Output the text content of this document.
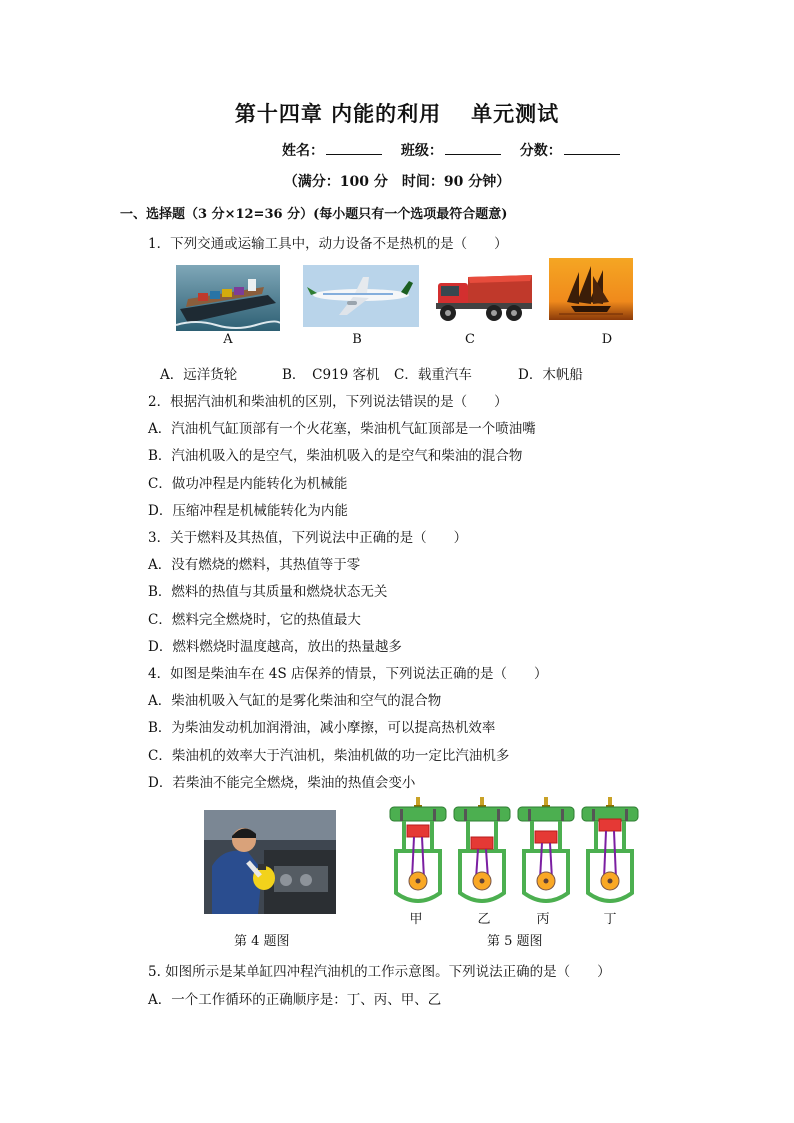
第十四章 内能的利用 单元测试
姓名：	班级：	分数：
（满分：100 分　时间：90 分钟）
一、选择题（3 分×12=36 分）(每小题只有一个选项最符合题意)
1．下列交通或运输工具中，动力设备不是热机的是（　　）
A	B	C	D
A．远洋货轮	B．　C919 客机 C．载重汽车	D．木帆船
2．根据汽油机和柴油机的区别，下列说法错误的是（　　）
A．汽油机气缸顶部有一个火花塞，柴油机气缸顶部是一个喷油嘴
B．汽油机吸入的是空气，柴油机吸入的是空气和柴油的混合物
C．做功冲程是内能转化为机械能
D．压缩冲程是机械能转化为内能
3．关于燃料及其热值，下列说法中正确的是（　　）
A．没有燃烧的燃料，其热值等于零
B．燃料的热值与其质量和燃烧状态无关
C．燃料完全燃烧时，它的热值最大
D．燃料燃烧时温度越高，放出的热量越多
4．如图是柴油车在 4S 店保养的情景，下列说法正确的是（　　）
A．柴油机吸入气缸的是雾化柴油和空气的混合物
B．为柴油发动机加润滑油，减小摩擦，可以提高热机效率
C．柴油机的效率大于汽油机，柴油机做的功一定比汽油机多
D．若柴油不能完全燃烧，柴油的热值会变小
甲	乙	丙	丁
第 4 题图	第 5 题图
5. 如图所示是某单缸四冲程汽油机的工作示意图。下列说法正确的是（　　）
A．一个工作循环的正确顺序是：丁、丙、甲、乙
